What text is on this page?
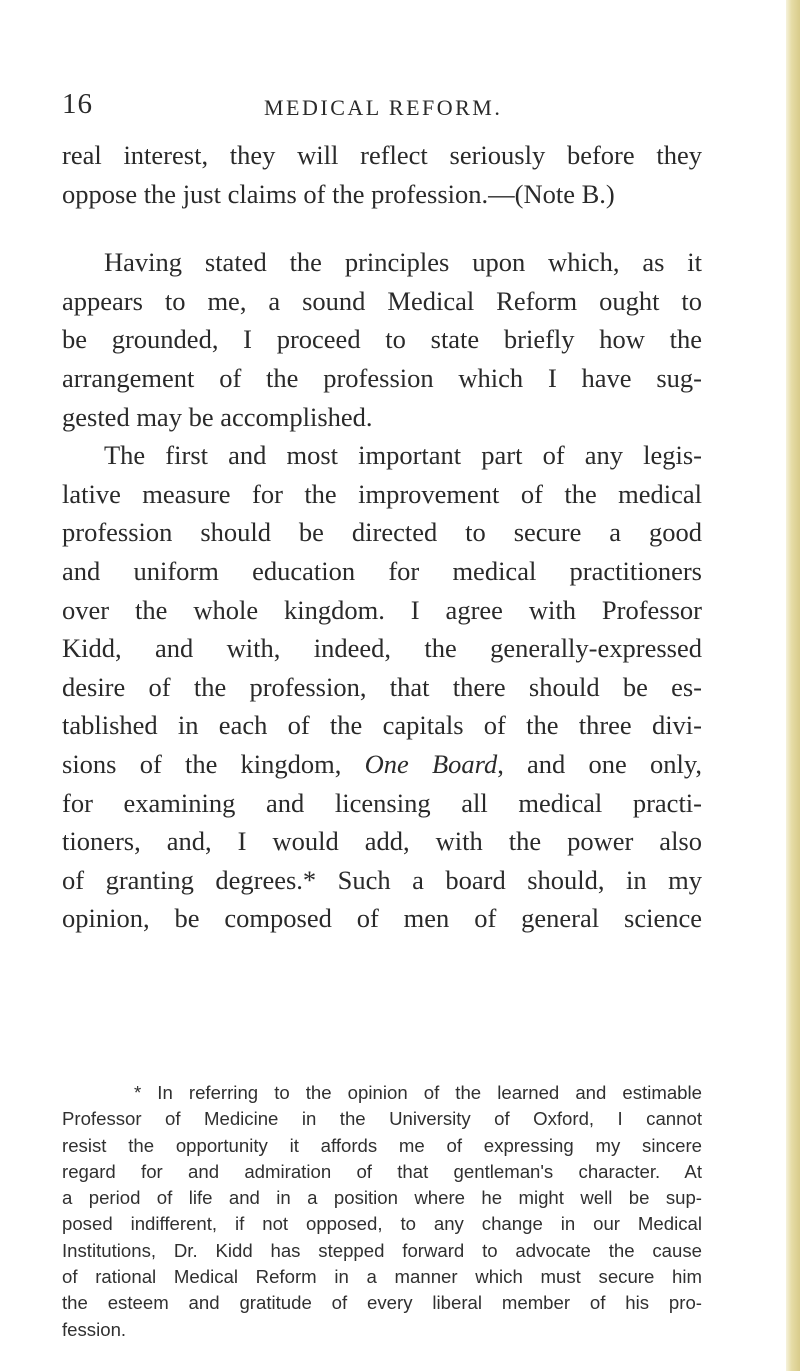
16	MEDICAL REFORM.

real interest, they will reflect seriously before they
oppose the just claims of the profession.—(Note B.)

Having stated the principles upon which, as it
appears to me, a sound Medical Reform ought to
be grounded, I proceed to state briefly how the
arrangement of the profession which I have sug-
gested may be accomplished.

The first and most important part of any legis-
lative measure for the improvement of the medical
profession should be directed to secure a good
and uniform education for medical practitioners
over the whole kingdom. I agree with Professor
Kidd, and with, indeed, the generally-expressed
desire of the profession, that there should be es-
tablished in each of the capitals of the three divi-
sions of the kingdom, One Board, and one only,
for examining and licensing all medical practi-
tioners, and, I would add, with the power also
of granting degrees.* Such a board should, in my
opinion, be composed of men of general science

* In referring to the opinion of the learned and estimable
Professor of Medicine in the University of Oxford, I cannot
resist the opportunity it affords me of expressing my sincere
regard for and admiration of that gentleman's character. At
a period of life and in a position where he might well be sup-
posed indifferent, if not opposed, to any change in our Medical
Institutions, Dr. Kidd has stepped forward to advocate the cause
of rational Medical Reform in a manner which must secure him
the esteem and gratitude of every liberal member of his pro-
fession.
